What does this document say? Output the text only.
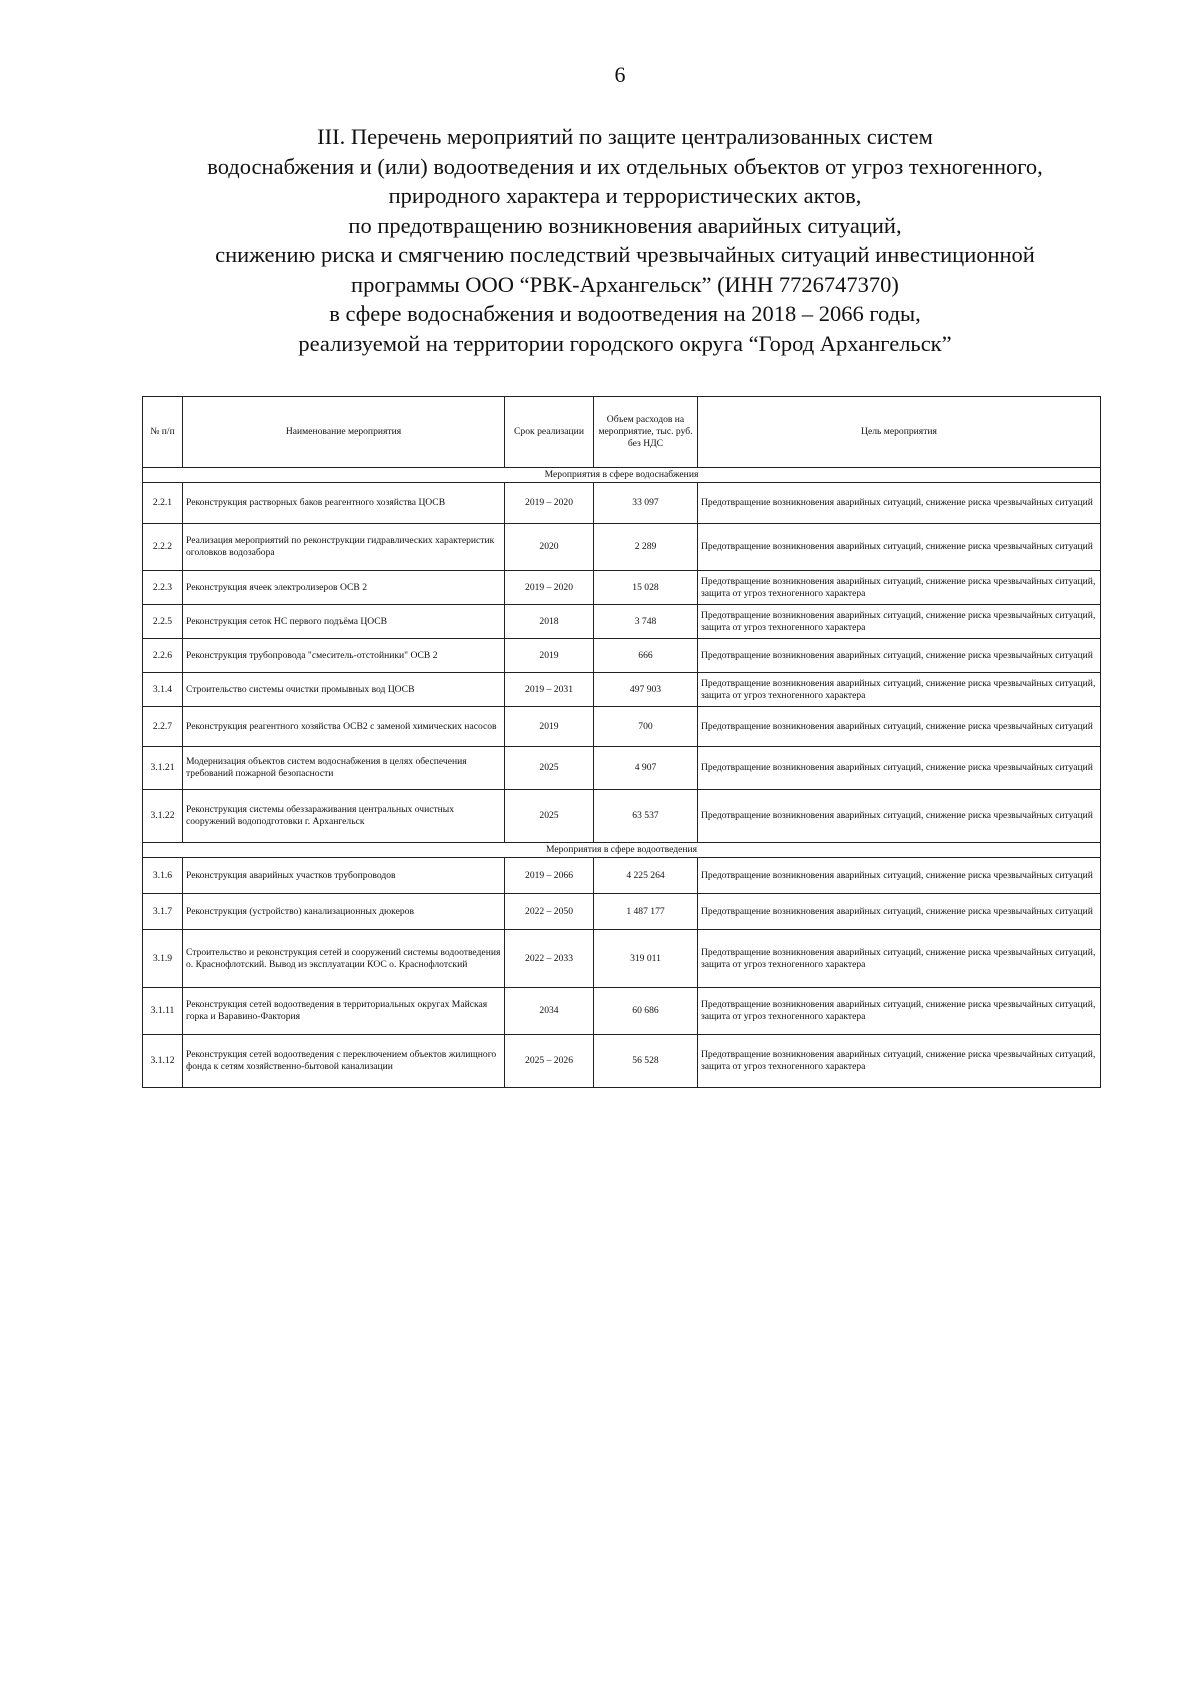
6
III. Перечень мероприятий по защите централизованных систем
водоснабжения и (или) водоотведения и их отдельных объектов от угроз техногенного,
природного характера и террористических актов,
по предотвращению возникновения аварийных ситуаций,
снижению риска и смягчению последствий чрезвычайных ситуаций инвестиционной
программы ООО “РВК-Архангельск” (ИНН 7726747370)
в сфере водоснабжения и водоотведения на 2018 – 2066 годы,
реализуемой на территории городского округа “Город Архангельск”
№ п/п	Наименование мероприятия	Срок реализации	Объем расходов на мероприятие, тыс. руб. без НДС	Цель мероприятия
Мероприятия в сфере водоснабжения				
2.2.1	Реконструкция растворных баков реагентного хозяйства ЦОСВ	2019 – 2020	33 097	Предотвращение возникновения аварийных ситуаций, снижение риска чрезвычайных ситуаций
2.2.2	Реализация мероприятий по реконструкции гидравлических характеристик оголовков водозабора	2020	2 289	Предотвращение возникновения аварийных ситуаций, снижение риска чрезвычайных ситуаций
2.2.3	Реконструкция ячеек электролизеров ОСВ 2	2019 – 2020	15 028	Предотвращение возникновения аварийных ситуаций, снижение риска чрезвычайных ситуаций, защита от угроз техногенного характера
2.2.5	Реконструкция сеток НС первого подъёма ЦОСВ	2018	3 748	Предотвращение возникновения аварийных ситуаций, снижение риска чрезвычайных ситуаций, защита от угроз техногенного характера
2.2.6	Реконструкция трубопровода "смеситель-отстойники" ОСВ 2	2019	666	Предотвращение возникновения аварийных ситуаций, снижение риска чрезвычайных ситуаций
3.1.4	Строительство системы очистки промывных вод ЦОСВ	2019 – 2031	497 903	Предотвращение возникновения аварийных ситуаций, снижение риска чрезвычайных ситуаций, защита от угроз техногенного характера
2.2.7	Реконструкция реагентного хозяйства ОСВ2 с заменой химических насосов	2019	700	Предотвращение возникновения аварийных ситуаций, снижение риска чрезвычайных ситуаций
3.1.21	Модернизация объектов систем водоснабжения в целях обеспечения требований пожарной безопасности	2025	4 907	Предотвращение возникновения аварийных ситуаций, снижение риска чрезвычайных ситуаций
3.1.22	Реконструкция системы обеззараживания центральных очистных сооружений водоподготовки г. Архангельск	2025	63 537	Предотвращение возникновения аварийных ситуаций, снижение риска чрезвычайных ситуаций
Мероприятия в сфере водоотведения				
3.1.6	Реконструкция аварийных участков трубопроводов	2019 – 2066	4 225 264	Предотвращение возникновения аварийных ситуаций, снижение риска чрезвычайных ситуаций
3.1.7	Реконструкция (устройство) канализационных дюкеров	2022 – 2050	1 487 177	Предотвращение возникновения аварийных ситуаций, снижение риска чрезвычайных ситуаций
3.1.9	Строительство и реконструкция сетей и сооружений системы водоотведения о. Краснофлотский. Вывод из эксплуатации КОС о. Краснофлотский	2022 – 2033	319 011	Предотвращение возникновения аварийных ситуаций, снижение риска чрезвычайных ситуаций, защита от угроз техногенного характера
3.1.11	Реконструкция сетей водоотведения в территориальных округах Майская горка и Варавино-Фактория	2034	60 686	Предотвращение возникновения аварийных ситуаций, снижение риска чрезвычайных ситуаций, защита от угроз техногенного характера
3.1.12	Реконструкция сетей водоотведения с переключением объектов жилищного фонда к сетям хозяйственно-бытовой канализации	2025 – 2026	56 528	Предотвращение возникновения аварийных ситуаций, снижение риска чрезвычайных ситуаций, защита от угроз техногенного характера
